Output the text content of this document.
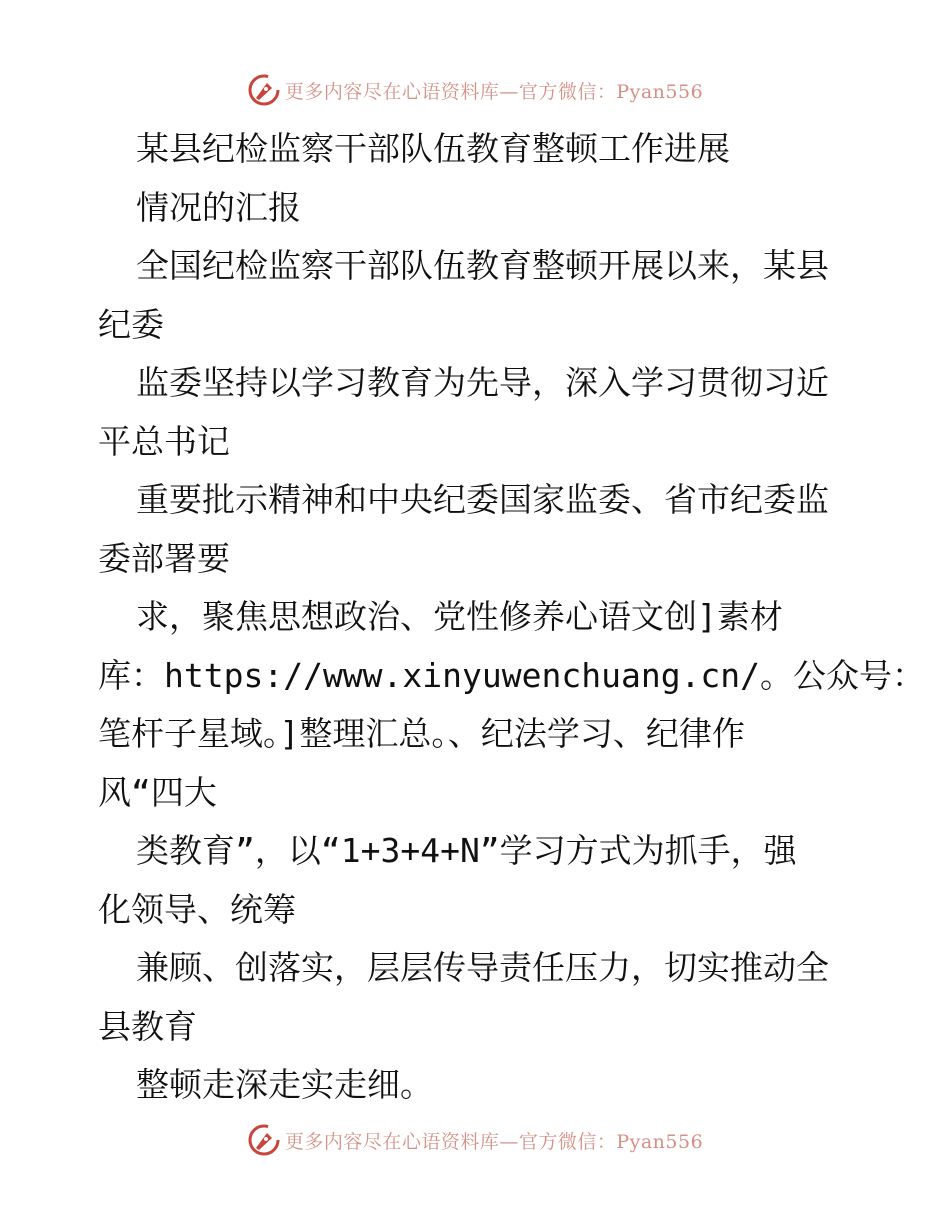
更多内容尽在心语资料库—官方微信：Pyan556
某县纪检监察干部队伍教育整顿工作进展
情况的汇报
全国纪检监察干部队伍教育整顿开展以来，某县
纪委
监委坚持以学习教育为先导，深入学习贯彻习近
平总书记
重要批示精神和中央纪委国家监委、省市纪委监
委部署要
求，聚焦思想政治、党性修养心语文创]素材
库：https://www.xinyuwenchuang.cn/。公众号：
笔杆子星域。]整理汇总。、纪法学习、纪律作
风“四大
类教育”，以“1+3+4+N”学习方式为抓手，强
化领导、统筹
兼顾、创落实，层层传导责任压力，切实推动全
县教育
整顿走深走实走细。
更多内容尽在心语资料库—官方微信：Pyan556
